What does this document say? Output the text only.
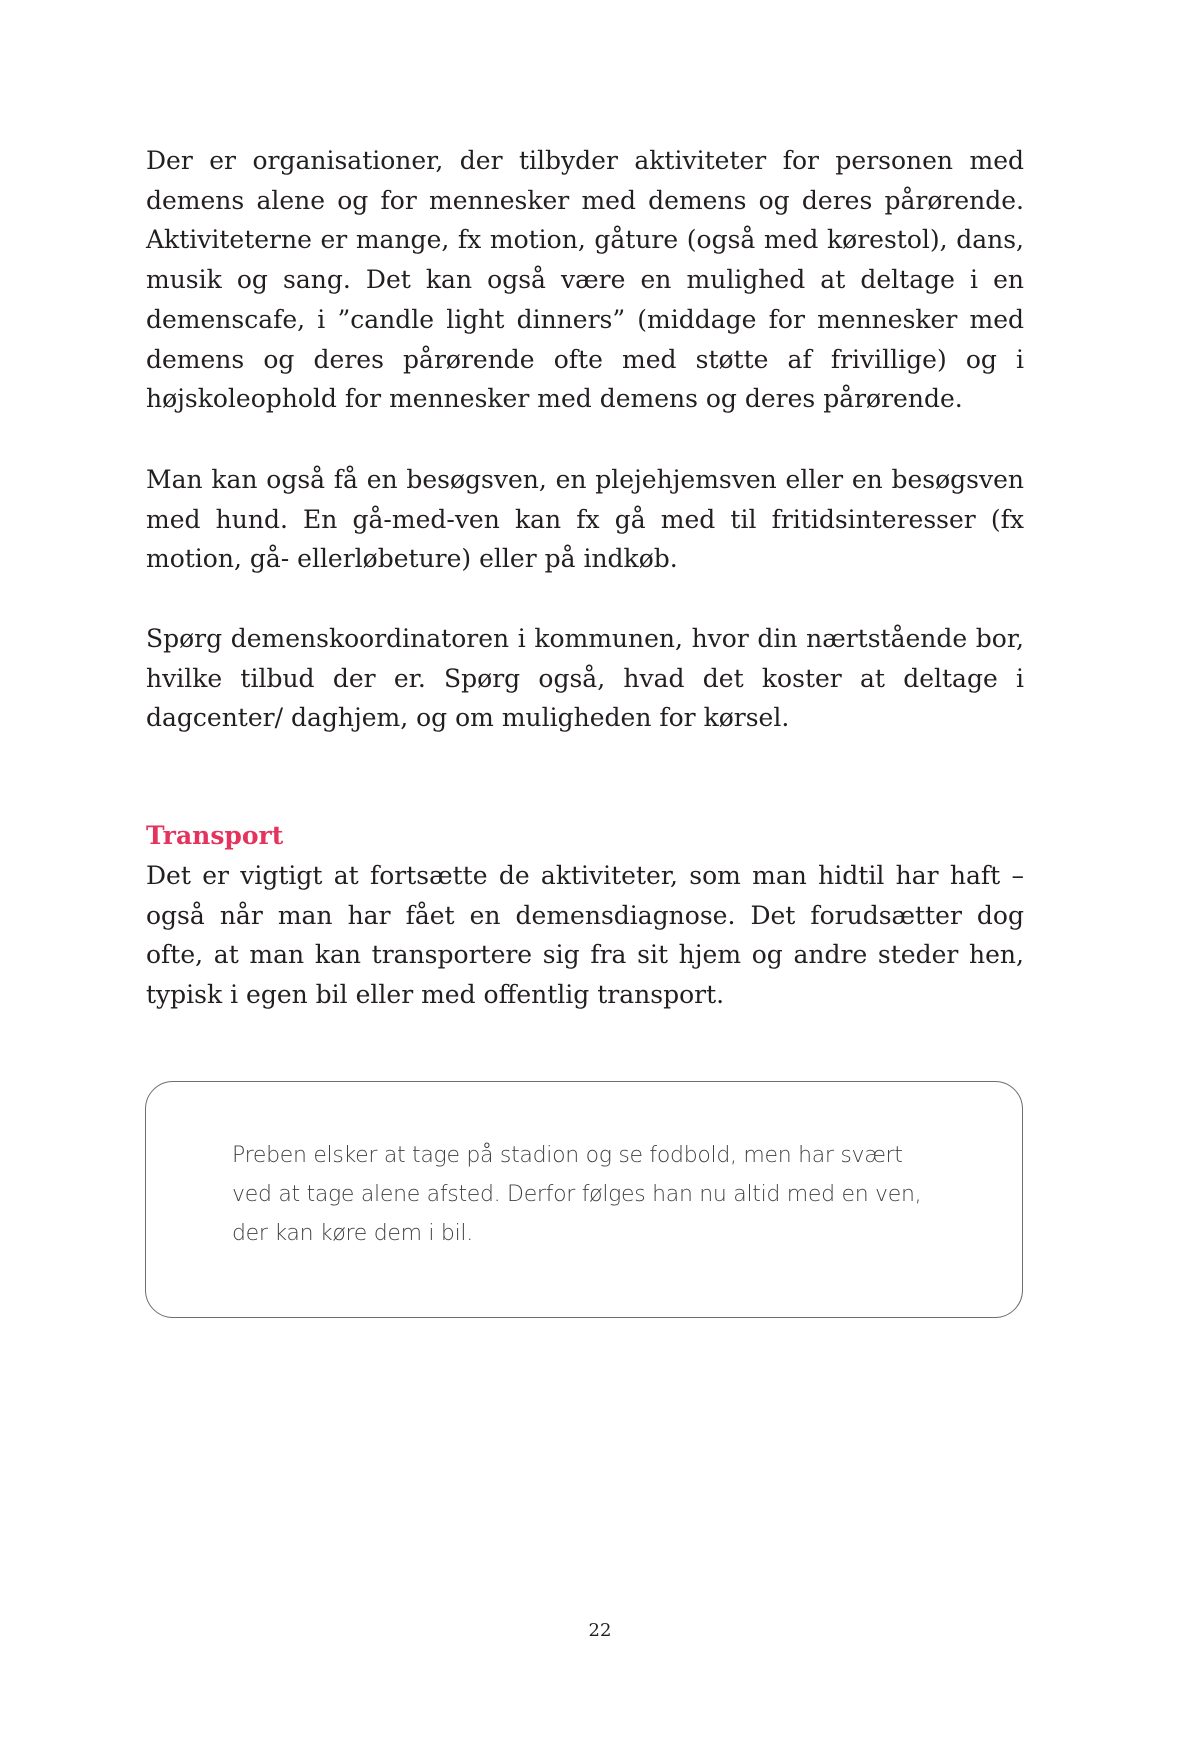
Der er organisationer, der tilbyder aktiviteter for personen med demens alene og for mennesker med demens og deres pårørende. Aktiviteterne er mange, fx motion, gåture (også med kørestol), dans, musik og sang. Det kan også være en mulighed at deltage i en demenscafe, i ”candle light dinners” (middage for mennesker med demens og deres pårørende ofte med støtte af frivillige) og i højskoleophold for mennesker med demens og deres pårørende.

Man kan også få en besøgsven, en plejehjemsven eller en besøgsven med hund. En gå-med-ven kan fx gå med til fritidsinteresser (fx motion, gå- ellerløbeture) eller på indkøb.

Spørg demenskoordinatoren i kommunen, hvor din nærtstående bor, hvilke tilbud der er. Spørg også, hvad det koster at deltage i dagcenter/ daghjem, og om muligheden for kørsel.

Transport

Det er vigtigt at fortsætte de aktiviteter, som man hidtil har haft – også når man har fået en demensdiagnose. Det forudsætter dog ofte, at man kan transportere sig fra sit hjem og andre steder hen, typisk i egen bil eller med offentlig transport.

Preben elsker at tage på stadion og se fodbold, men har svært
ved at tage alene afsted. Derfor følges han nu altid med en ven,
der kan køre dem i bil.

22
